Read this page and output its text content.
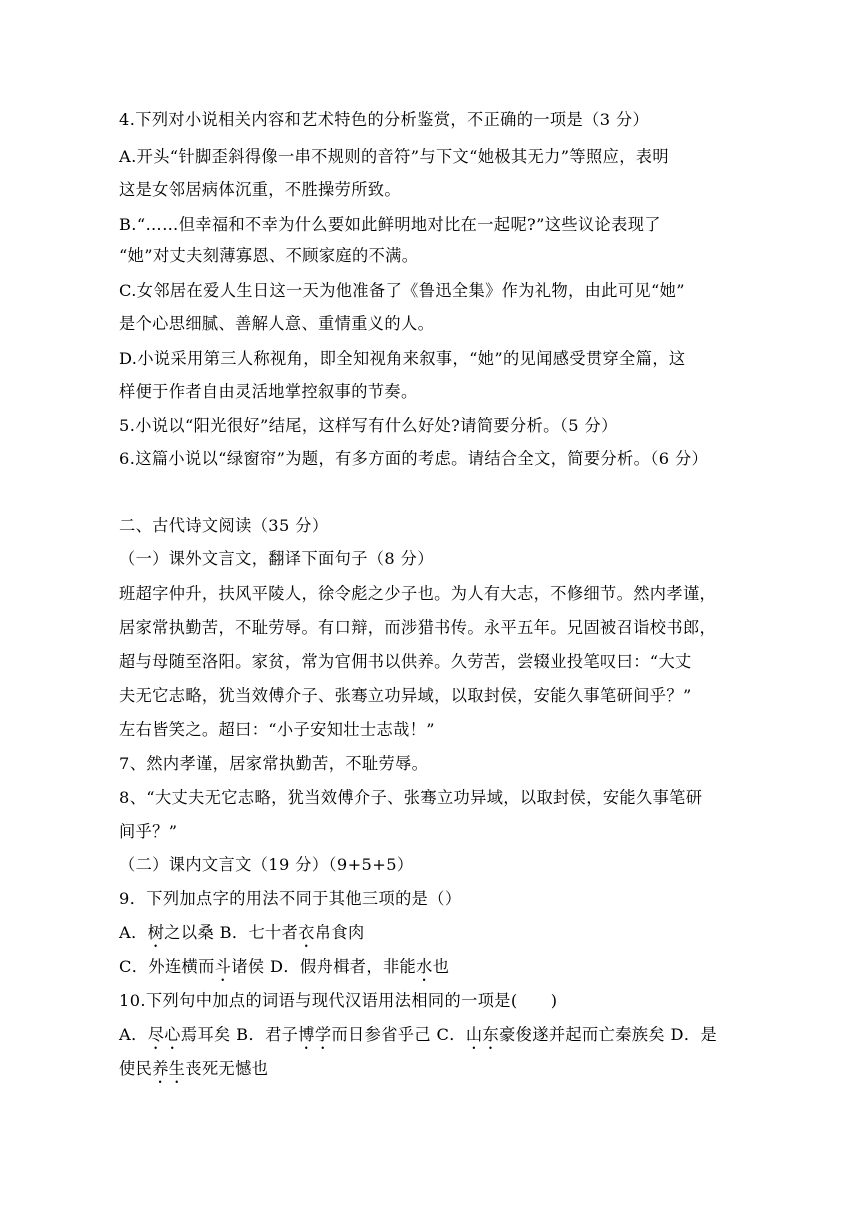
4.下列对小说相关内容和艺术特色的分析鉴赏，不正确的一项是（3 分）
A.开头“针脚歪斜得像一串不规则的音符”与下文“她极其无力”等照应，表明
这是女邻居病体沉重，不胜操劳所致。
B.“……但幸福和不幸为什么要如此鲜明地对比在一起呢?”这些议论表现了
“她”对丈夫刻薄寡恩、不顾家庭的不满。
C.女邻居在爱人生日这一天为他准备了《鲁迅全集》作为礼物，由此可见“她”
是个心思细腻、善解人意、重情重义的人。
D.小说采用第三人称视角，即全知视角来叙事，“她”的见闻感受贯穿全篇，这
样便于作者自由灵活地掌控叙事的节奏。
5.小说以“阳光很好”结尾，这样写有什么好处?请简要分析。（5 分）
6.这篇小说以“绿窗帘”为题，有多方面的考虑。请结合全文，简要分析。（6 分）
二、古代诗文阅读（35 分）
（一）课外文言文，翻译下面句子（8 分）
班超字仲升，扶风平陵人，徐令彪之少子也。为人有大志，不修细节。然内孝谨，
居家常执勤苦，不耻劳辱。有口辩，而涉猎书传。永平五年。兄固被召诣校书郎，
超与母随至洛阳。家贫，常为官佣书以供养。久劳苦，尝辍业投笔叹曰：“大丈
夫无它志略，犹当效傅介子、张骞立功异域，以取封侯，安能久事笔研间乎？”
左右皆笑之。超曰：“小子安知壮士志哉！”
7、然内孝谨，居家常执勤苦，不耻劳辱。
8、“大丈夫无它志略，犹当效傅介子、张骞立功异域，以取封侯，安能久事笔研
间乎？”
（二）课内文言文（19 分）（9+5+5）
9．下列加点字的用法不同于其他三项的是（）
A．树之以桑 B．七十者衣帛食肉
C．外连横而斗诸侯 D．假舟楫者，非能水也
10.下列句中加点的词语与现代汉语用法相同的一项是(　　)
A．尽心焉耳矣 B．君子博学而日参省乎己 C．山东豪俊遂并起而亡秦族矣 D．是
使民养生丧死无憾也
